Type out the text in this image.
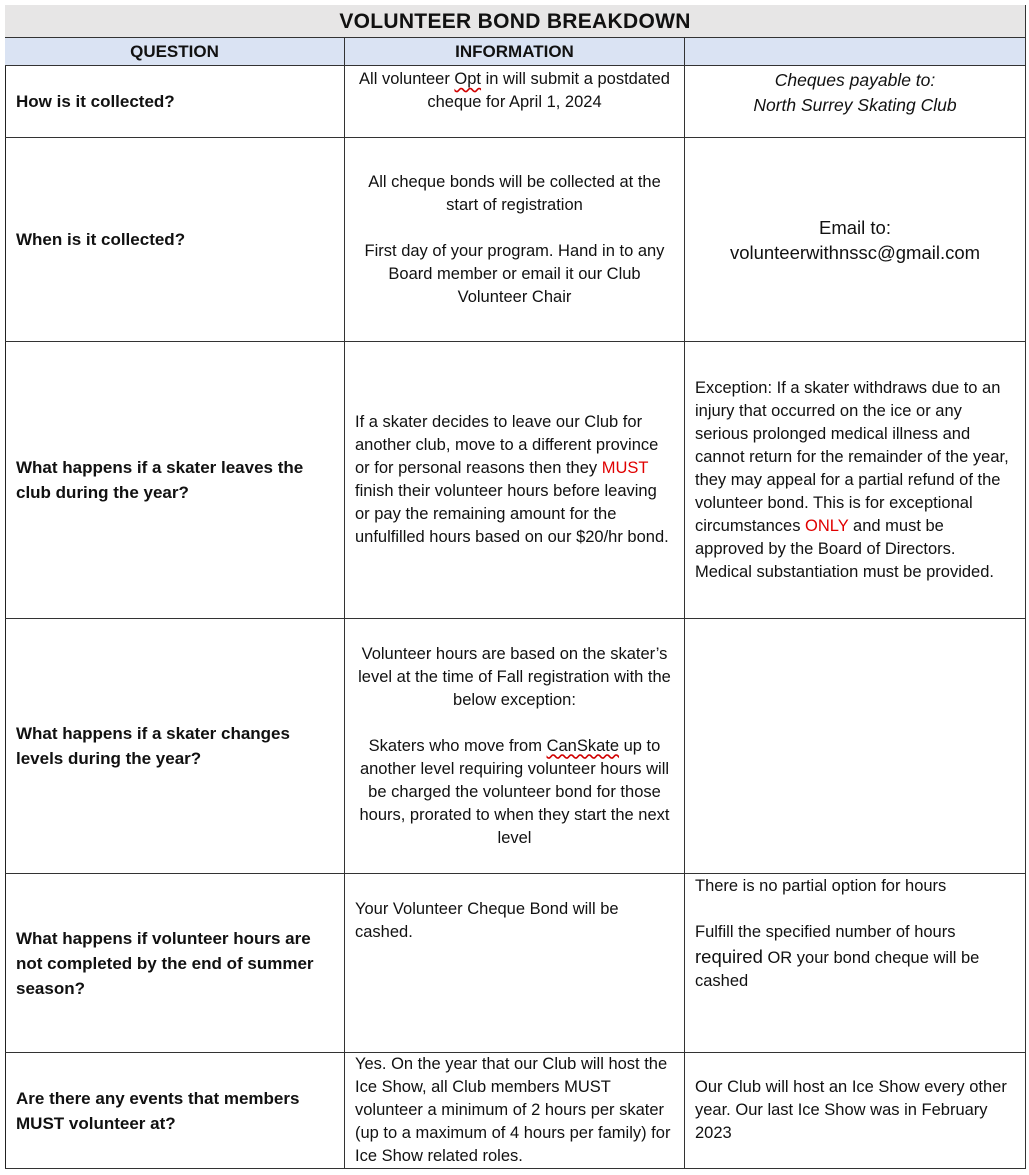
VOLUNTEER BOND BREAKDOWN
QUESTION	INFORMATION
How is it collected?
All volunteer Opt in will submit a postdated cheque for April 1, 2024
Cheques payable to:
North Surrey Skating Club
When is it collected?
All cheque bonds will be collected at the start of registration
First day of your program. Hand in to any Board member or email it our Club Volunteer Chair
Email to:
volunteerwithnssc@gmail.com
What happens if a skater leaves the club during the year?
If a skater decides to leave our Club for another club, move to a different province or for personal reasons then they MUST finish their volunteer hours before leaving or pay the remaining amount for the unfulfilled hours based on our $20/hr bond.
Exception: If a skater withdraws due to an injury that occurred on the ice or any serious prolonged medical illness and cannot return for the remainder of the year, they may appeal for a partial refund of the volunteer bond. This is for exceptional circumstances ONLY and must be approved by the Board of Directors. Medical substantiation must be provided.
What happens if a skater changes levels during the year?
Volunteer hours are based on the skater’s level at the time of Fall registration with the below exception:
Skaters who move from CanSkate up to another level requiring volunteer hours will be charged the volunteer bond for those hours, prorated to when they start the next level
What happens if volunteer hours are not completed by the end of summer season?
Your Volunteer Cheque Bond will be cashed.
There is no partial option for hours
Fulfill the specified number of hours required OR your bond cheque will be cashed
Are there any events that members MUST volunteer at?
Yes. On the year that our Club will host the Ice Show, all Club members MUST volunteer a minimum of 2 hours per skater (up to a maximum of 4 hours per family) for Ice Show related roles.
Our Club will host an Ice Show every other year. Our last Ice Show was in February 2023
